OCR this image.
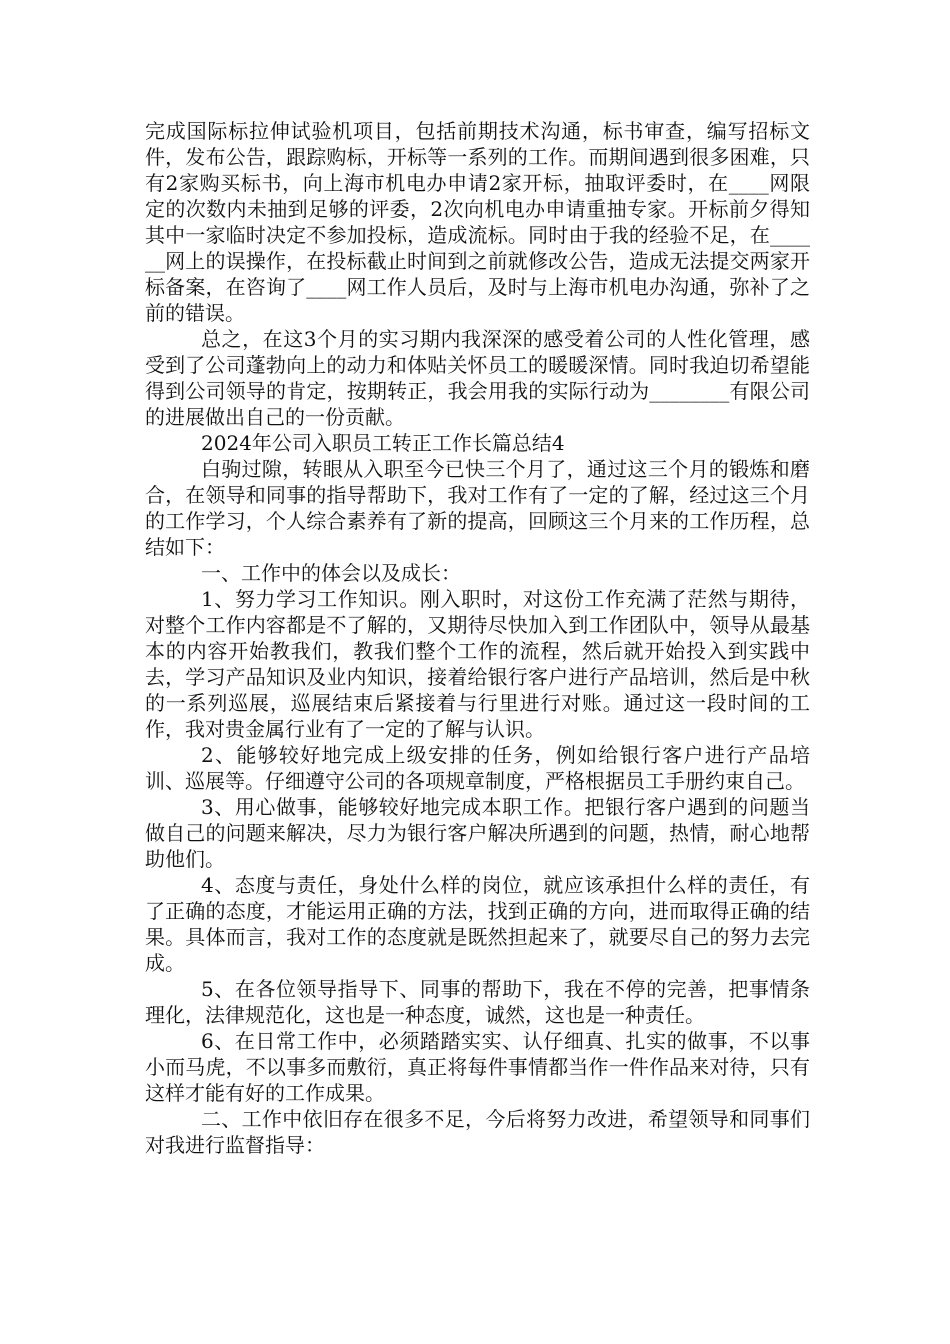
完成国际标拉伸试验机项目，包括前期技术沟通，标书审查，编写招标文件，发布公告，跟踪购标，开标等一系列的工作。而期间遇到很多困难，只有2家购买标书，向上海市机电办申请2家开标，抽取评委时，在____网限定的次数内未抽到足够的评委，2次向机电办申请重抽专家。开标前夕得知其中一家临时决定不参加投标，造成流标。同时由于我的经验不足，在______网上的误操作，在投标截止时间到之前就修改公告，造成无法提交两家开标备案，在咨询了____网工作人员后，及时与上海市机电办沟通，弥补了之前的错误。

总之，在这3个月的实习期内我深深的感受着公司的人性化管理，感受到了公司蓬勃向上的动力和体贴关怀员工的暖暖深情。同时我迫切希望能得到公司领导的肯定，按期转正，我会用我的实际行动为________有限公司的进展做出自己的一份贡献。

2024年公司入职员工转正工作长篇总结4

白驹过隙，转眼从入职至今已快三个月了，通过这三个月的锻炼和磨合，在领导和同事的指导帮助下，我对工作有了一定的了解，经过这三个月的工作学习，个人综合素养有了新的提高，回顾这三个月来的工作历程，总结如下：

一、工作中的体会以及成长：

1、努力学习工作知识。刚入职时，对这份工作充满了茫然与期待，对整个工作内容都是不了解的，又期待尽快加入到工作团队中，领导从最基本的内容开始教我们，教我们整个工作的流程，然后就开始投入到实践中去，学习产品知识及业内知识，接着给银行客户进行产品培训，然后是中秋的一系列巡展，巡展结束后紧接着与行里进行对账。通过这一段时间的工作，我对贵金属行业有了一定的了解与认识。

2、能够较好地完成上级安排的任务，例如给银行客户进行产品培训、巡展等。仔细遵守公司的各项规章制度，严格根据员工手册约束自己。

3、用心做事，能够较好地完成本职工作。把银行客户遇到的问题当做自己的问题来解决，尽力为银行客户解决所遇到的问题，热情，耐心地帮助他们。

4、态度与责任，身处什么样的岗位，就应该承担什么样的责任，有了正确的态度，才能运用正确的方法，找到正确的方向，进而取得正确的结果。具体而言，我对工作的态度就是既然担起来了，就要尽自己的努力去完成。

5、在各位领导指导下、同事的帮助下，我在不停的完善，把事情条理化，法律规范化，这也是一种态度，诚然，这也是一种责任。

6、在日常工作中，必须踏踏实实、认仔细真、扎实的做事，不以事小而马虎，不以事多而敷衍，真正将每件事情都当作一件作品来对待，只有这样才能有好的工作成果。

二、工作中依旧存在很多不足，今后将努力改进，希望领导和同事们对我进行监督指导：
